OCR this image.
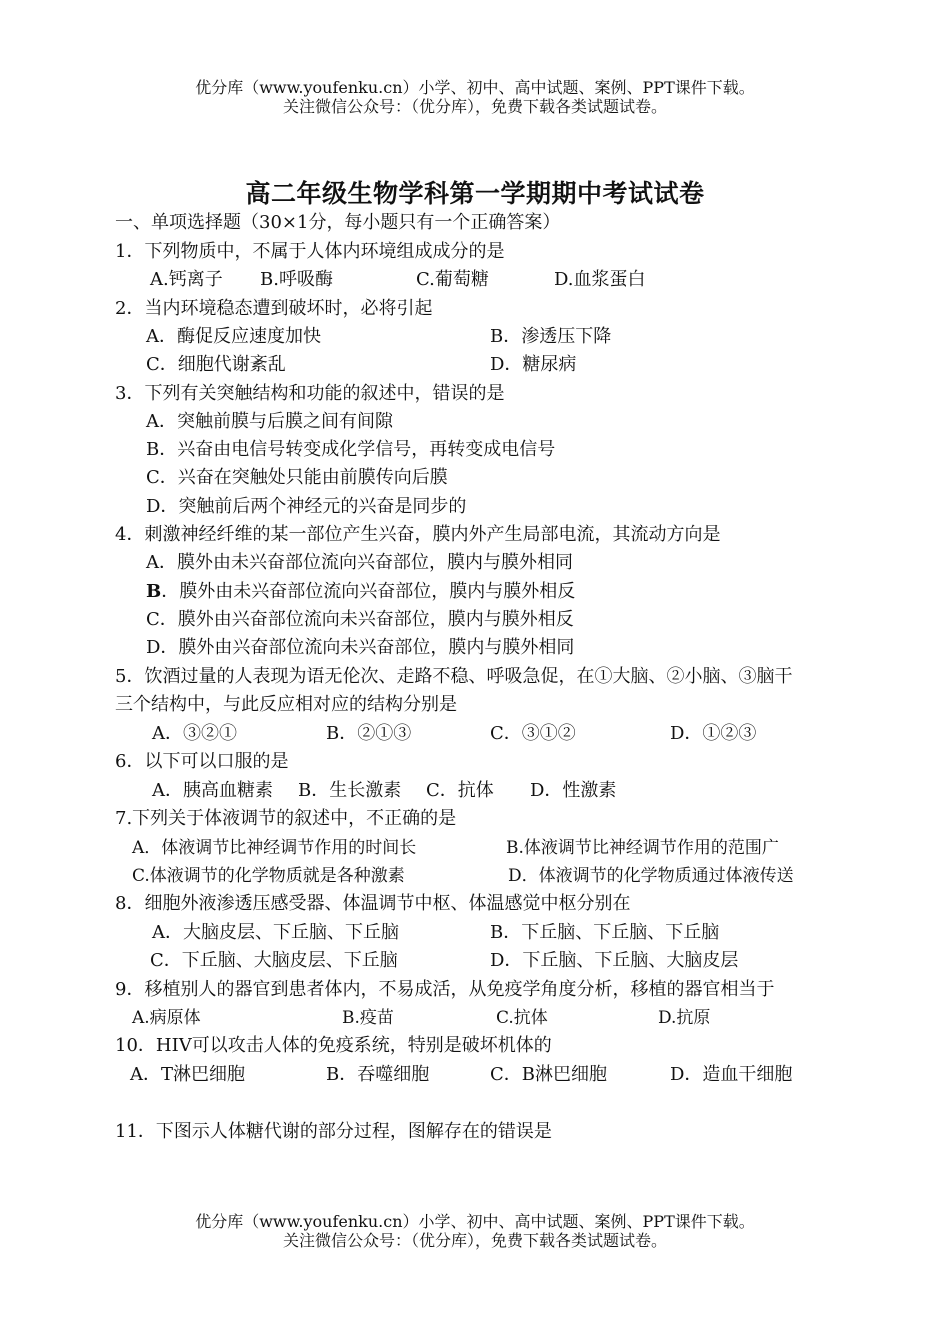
优分库（www.youfenku.cn）小学、初中、高中试题、案例、PPT课件下载。
关注微信公众号：（优分库），免费下载各类试题试卷。
高二年级生物学科第一学期期中考试试卷
一、单项选择题（30×1分，每小题只有一个正确答案）
1．下列物质中，不属于人体内环境组成成分的是
A.钙离子 B.呼吸酶	C.葡萄糖	D.血浆蛋白
2．当内环境稳态遭到破坏时，必将引起
A．酶促反应速度加快	B．渗透压下降
C．细胞代谢紊乱	D．糖尿病
3．下列有关突触结构和功能的叙述中，错误的是
A．突触前膜与后膜之间有间隙
B．兴奋由电信号转变成化学信号，再转变成电信号
C．兴奋在突触处只能由前膜传向后膜
D．突触前后两个神经元的兴奋是同步的
4．刺激神经纤维的某一部位产生兴奋，膜内外产生局部电流，其流动方向是
A．膜外由未兴奋部位流向兴奋部位，膜内与膜外相同
B．膜外由未兴奋部位流向兴奋部位，膜内与膜外相反
C．膜外由兴奋部位流向未兴奋部位，膜内与膜外相反
D．膜外由兴奋部位流向未兴奋部位，膜内与膜外相同
5．饮酒过量的人表现为语无伦次、走路不稳、呼吸急促，在①大脑、②小脑、③脑干
三个结构中，与此反应相对应的结构分别是
A．③②①	B．②①③	C．③①②	D．①②③
6．以下可以口服的是
A．胰高血糖素 B．生长激素 C．抗体 D．性激素
7.下列关于体液调节的叙述中，不正确的是
A．体液调节比神经调节作用的时间长	B.体液调节比神经调节作用的范围广
C.体液调节的化学物质就是各种激素	D．体液调节的化学物质通过体液传送
8．细胞外液渗透压感受器、体温调节中枢、体温感觉中枢分别在
A．大脑皮层、下丘脑、下丘脑	B．下丘脑、下丘脑、下丘脑
C．下丘脑、大脑皮层、下丘脑	D．下丘脑、下丘脑、大脑皮层
9．移植别人的器官到患者体内，不易成活，从免疫学角度分析，移植的器官相当于
A.病原体	B.疫苗	C.抗体	D.抗原
10．HIV可以攻击人体的免疫系统，特别是破坏机体的
A．T淋巴细胞	B．吞噬细胞	C．B淋巴细胞	D．造血干细胞
11．下图示人体糖代谢的部分过程，图解存在的错误是
优分库（www.youfenku.cn）小学、初中、高中试题、案例、PPT课件下载。
关注微信公众号：（优分库），免费下载各类试题试卷。
